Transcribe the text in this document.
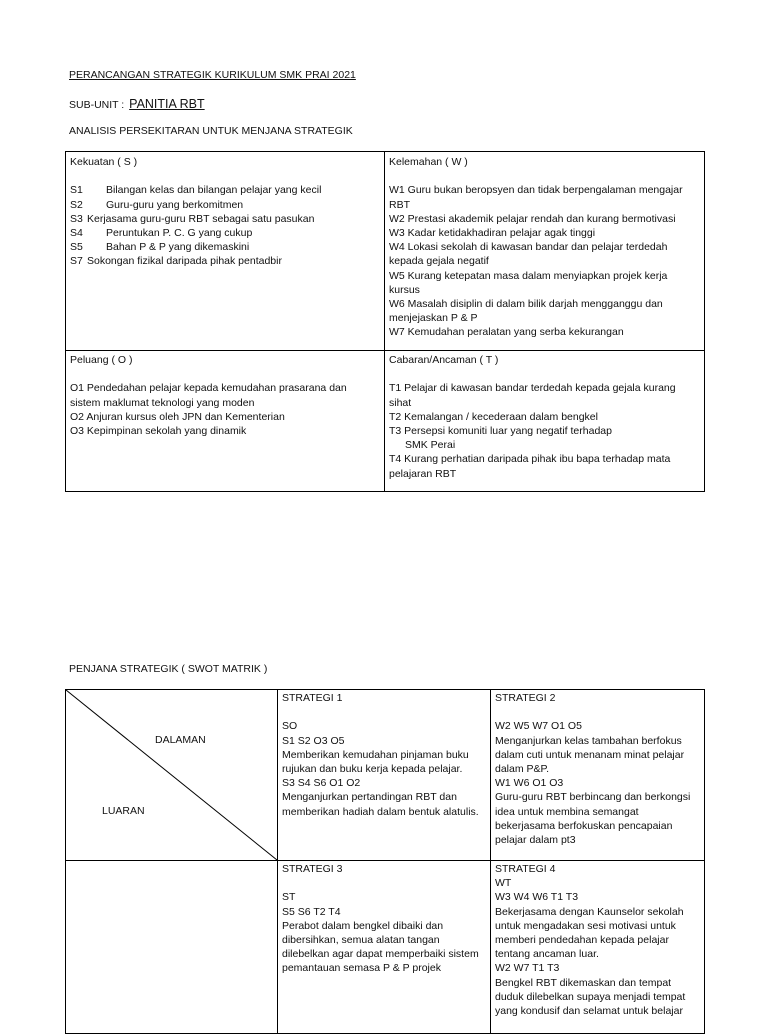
PERANCANGAN STRATEGIK KURIKULUM SMK PRAI 2021
SUB-UNIT : PANITIA RBT
ANALISIS PERSEKITARAN UNTUK MENJANA STRATEGIK
Kekuatan ( S )
S1 Bilangan kelas dan bilangan pelajar yang kecil
S2 Guru-guru yang berkomitmen
S3 Kerjasama guru-guru RBT sebagai satu pasukan
S4 Peruntukan P. C. G yang cukup
S5 Bahan P & P yang dikemaskini
S7 Sokongan fizikal daripada pihak pentadbir
Kelemahan ( W )
W1 Guru bukan beropsyen dan tidak berpengalaman mengajar RBT
W2 Prestasi akademik pelajar rendah dan kurang bermotivasi
W3 Kadar ketidakhadiran pelajar agak tinggi
W4 Lokasi sekolah di kawasan bandar dan pelajar terdedah kepada gejala negatif
W5 Kurang ketepatan masa dalam menyiapkan projek kerja kursus
W6 Masalah disiplin di dalam bilik darjah mengganggu dan menjejaskan P & P
W7 Kemudahan peralatan yang serba kekurangan
Peluang ( O )
O1 Pendedahan pelajar kepada kemudahan prasarana dan sistem maklumat teknologi yang moden
O2 Anjuran kursus oleh JPN dan Kementerian
O3 Kepimpinan sekolah yang dinamik
Cabaran/Ancaman ( T )
T1 Pelajar di kawasan bandar terdedah kepada gejala kurang sihat
T2 Kemalangan / kecederaan dalam bengkel
T3 Persepsi komuniti luar yang negatif terhadap
SMK Perai
T4 Kurang perhatian daripada pihak ibu bapa terhadap mata pelajaran RBT
PENJANA STRATEGIK ( SWOT MATRIK )
DALAMAN
LUARAN
STRATEGI 1
SO
S1 S2 O3 O5
Memberikan kemudahan pinjaman buku rujukan dan buku kerja kepada pelajar.
S3 S4 S6 O1 O2
Menganjurkan pertandingan RBT dan memberikan hadiah dalam bentuk alatulis.
STRATEGI 2
W2 W5 W7 O1 O5
Menganjurkan kelas tambahan berfokus dalam cuti untuk menanam minat pelajar dalam P&P.
W1 W6 O1 O3
Guru-guru RBT berbincang dan berkongsi idea untuk membina semangat bekerjasama berfokuskan pencapaian pelajar dalam pt3
STRATEGI 3
ST
S5 S6 T2 T4
Perabot dalam bengkel dibaiki dan dibersihkan, semua alatan tangan dilebelkan agar dapat memperbaiki sistem pemantauan semasa P & P projek
STRATEGI 4
WT
W3 W4 W6 T1 T3
Bekerjasama dengan Kaunselor sekolah untuk mengadakan sesi motivasi untuk memberi pendedahan kepada pelajar tentang ancaman luar.
W2 W7 T1 T3
Bengkel RBT dikemaskan dan tempat duduk dilebelkan supaya menjadi tempat yang kondusif dan selamat untuk belajar
